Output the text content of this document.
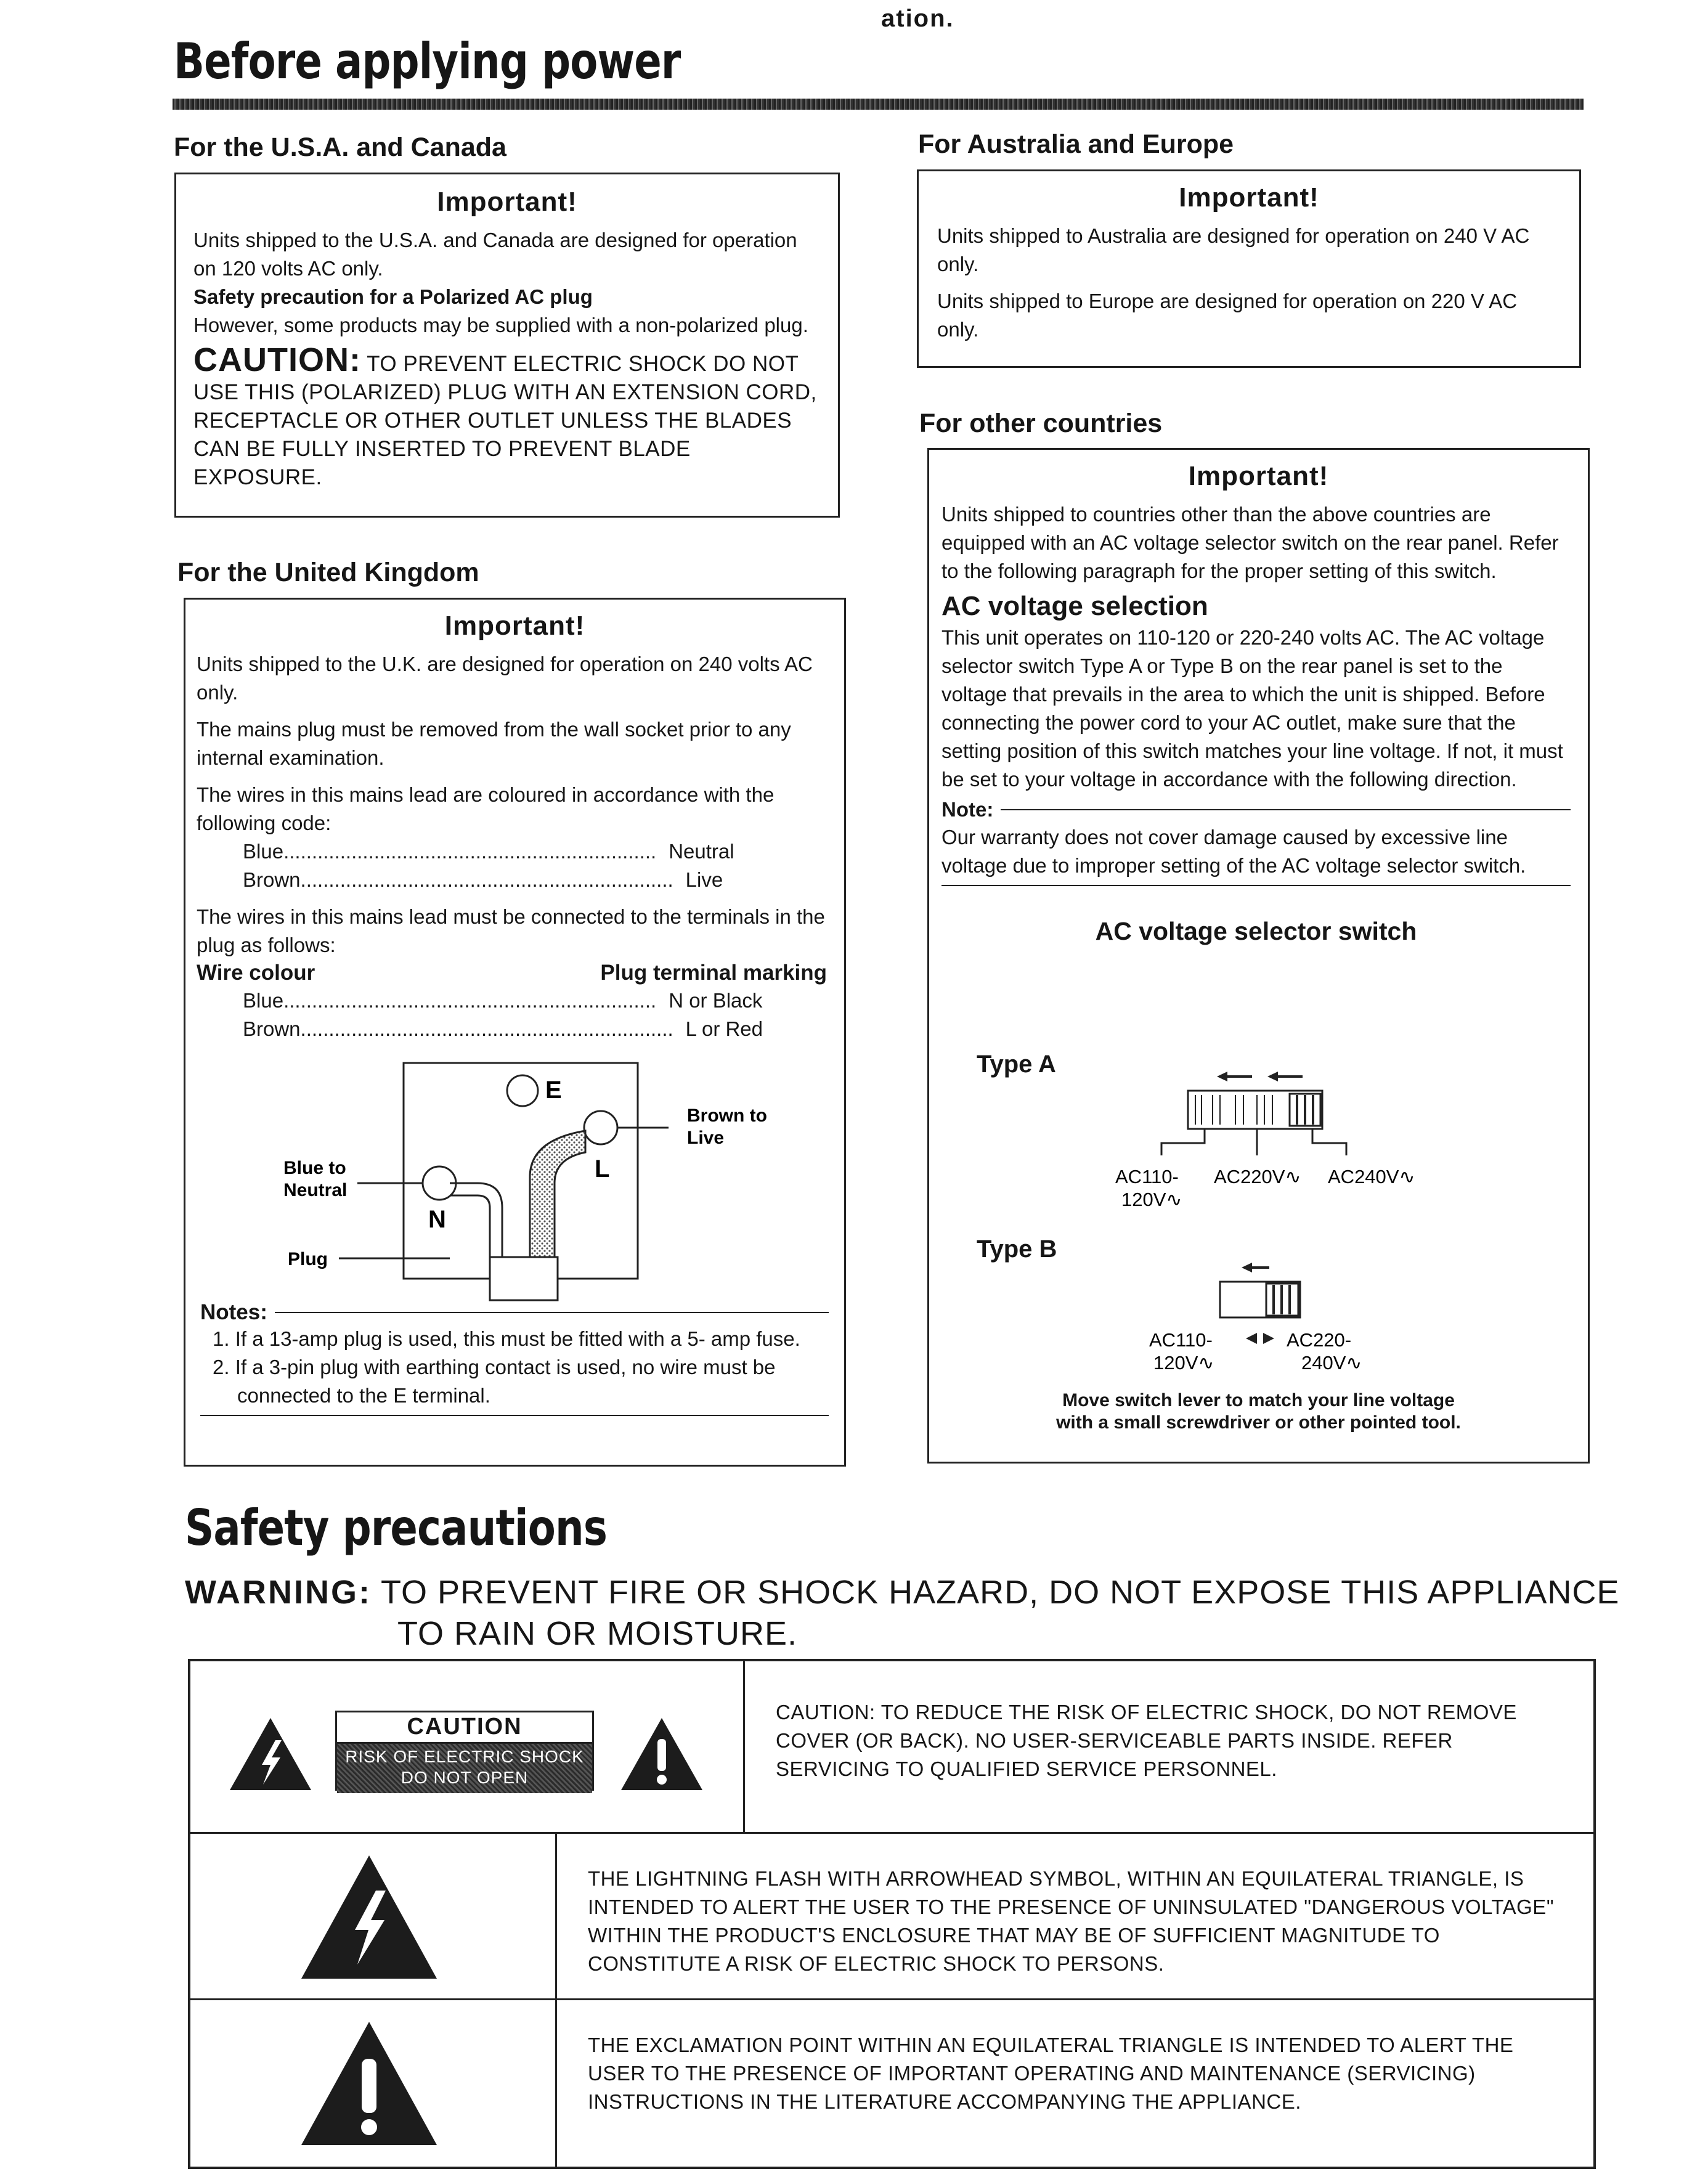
ation.
Before applying power
For the U.S.A. and Canada
Important!
Units shipped to the U.S.A. and Canada are designed for operation on 120 volts AC only.
Safety precaution for a Polarized AC plug
However, some products may be supplied with a non-polarized plug.
CAUTION: TO PREVENT ELECTRIC SHOCK DO NOT USE THIS (POLARIZED) PLUG WITH AN EXTENSION CORD, RECEPTACLE OR OTHER OUTLET UNLESS THE BLADES CAN BE FULLY INSERTED TO PREVENT BLADE EXPOSURE.
For the United Kingdom
Important!

Units shipped to the U.K. are designed for operation on 240 volts AC only.

The mains plug must be removed from the wall socket prior to any internal examination.

The wires in this mains lead are coloured in accordance with the following code:
Blue .................................................................. Neutral
Brown .................................................................. Live
The wires in this mains lead must be connected to the terminals in the plug as follows:
Wire colour	Plug terminal marking
Blue .................................................................. N or Black
Brown .................................................................. L or Red
E
L
N
Brown to
Live
Blue to
Neutral
Plug
Notes:
1. If a 13-amp plug is used, this must be fitted with a 5- amp fuse.
2. If a 3-pin plug with earthing contact is used, no wire must be connected to the E terminal.
For Australia and Europe
Important!

Units shipped to Australia are designed for operation on 240 V AC only.

Units shipped to Europe are designed for operation on 220 V AC only.

For other countries
Important!
Units shipped to countries other than the above countries are equipped with an AC voltage selector switch on the rear panel. Refer to the following paragraph for the proper setting of this switch.
AC voltage selection
This unit operates on 110-120 or 220-240 volts AC. The AC voltage selector switch Type A or Type B on the rear panel is set to the voltage that prevails in the area to which the unit is shipped. Before connecting the power cord to your AC outlet, make sure that the setting position of this switch matches your line voltage. If not, it must be set to your voltage in accordance with the following direction.
Note:
Our warranty does not cover damage caused by excessive line voltage due to improper setting of the AC voltage selector switch.
AC voltage selector switch
Type A
AC110-
120V∿
AC220V∿ AC240V∿
Type B
AC110-
120V∿
AC220-
240V∿
Move switch lever to match your line voltage
with a small screwdriver or other pointed tool.
Safety precautions
WARNING: TO PREVENT FIRE OR SHOCK HAZARD, DO NOT EXPOSE THIS APPLIANCE
TO RAIN OR MOISTURE.
CAUTION
RISK OF ELECTRIC SHOCK
DO NOT OPEN
CAUTION: TO REDUCE THE RISK OF ELECTRIC SHOCK, DO NOT REMOVE COVER (OR BACK). NO USER-SERVICEABLE PARTS INSIDE. REFER SERVICING TO QUALIFIED SERVICE PERSONNEL.
THE LIGHTNING FLASH WITH ARROWHEAD SYMBOL, WITHIN AN EQUILATERAL TRIANGLE, IS INTENDED TO ALERT THE USER TO THE PRESENCE OF UNINSULATED "DANGEROUS VOLTAGE" WITHIN THE PRODUCT'S ENCLOSURE THAT MAY BE OF SUFFICIENT MAGNITUDE TO CONSTITUTE A RISK OF ELECTRIC SHOCK TO PERSONS.
THE EXCLAMATION POINT WITHIN AN EQUILATERAL TRIANGLE IS INTENDED TO ALERT THE USER TO THE PRESENCE OF IMPORTANT OPERATING AND MAINTENANCE (SERVICING) INSTRUCTIONS IN THE LITERATURE ACCOMPANYING THE APPLIANCE.
